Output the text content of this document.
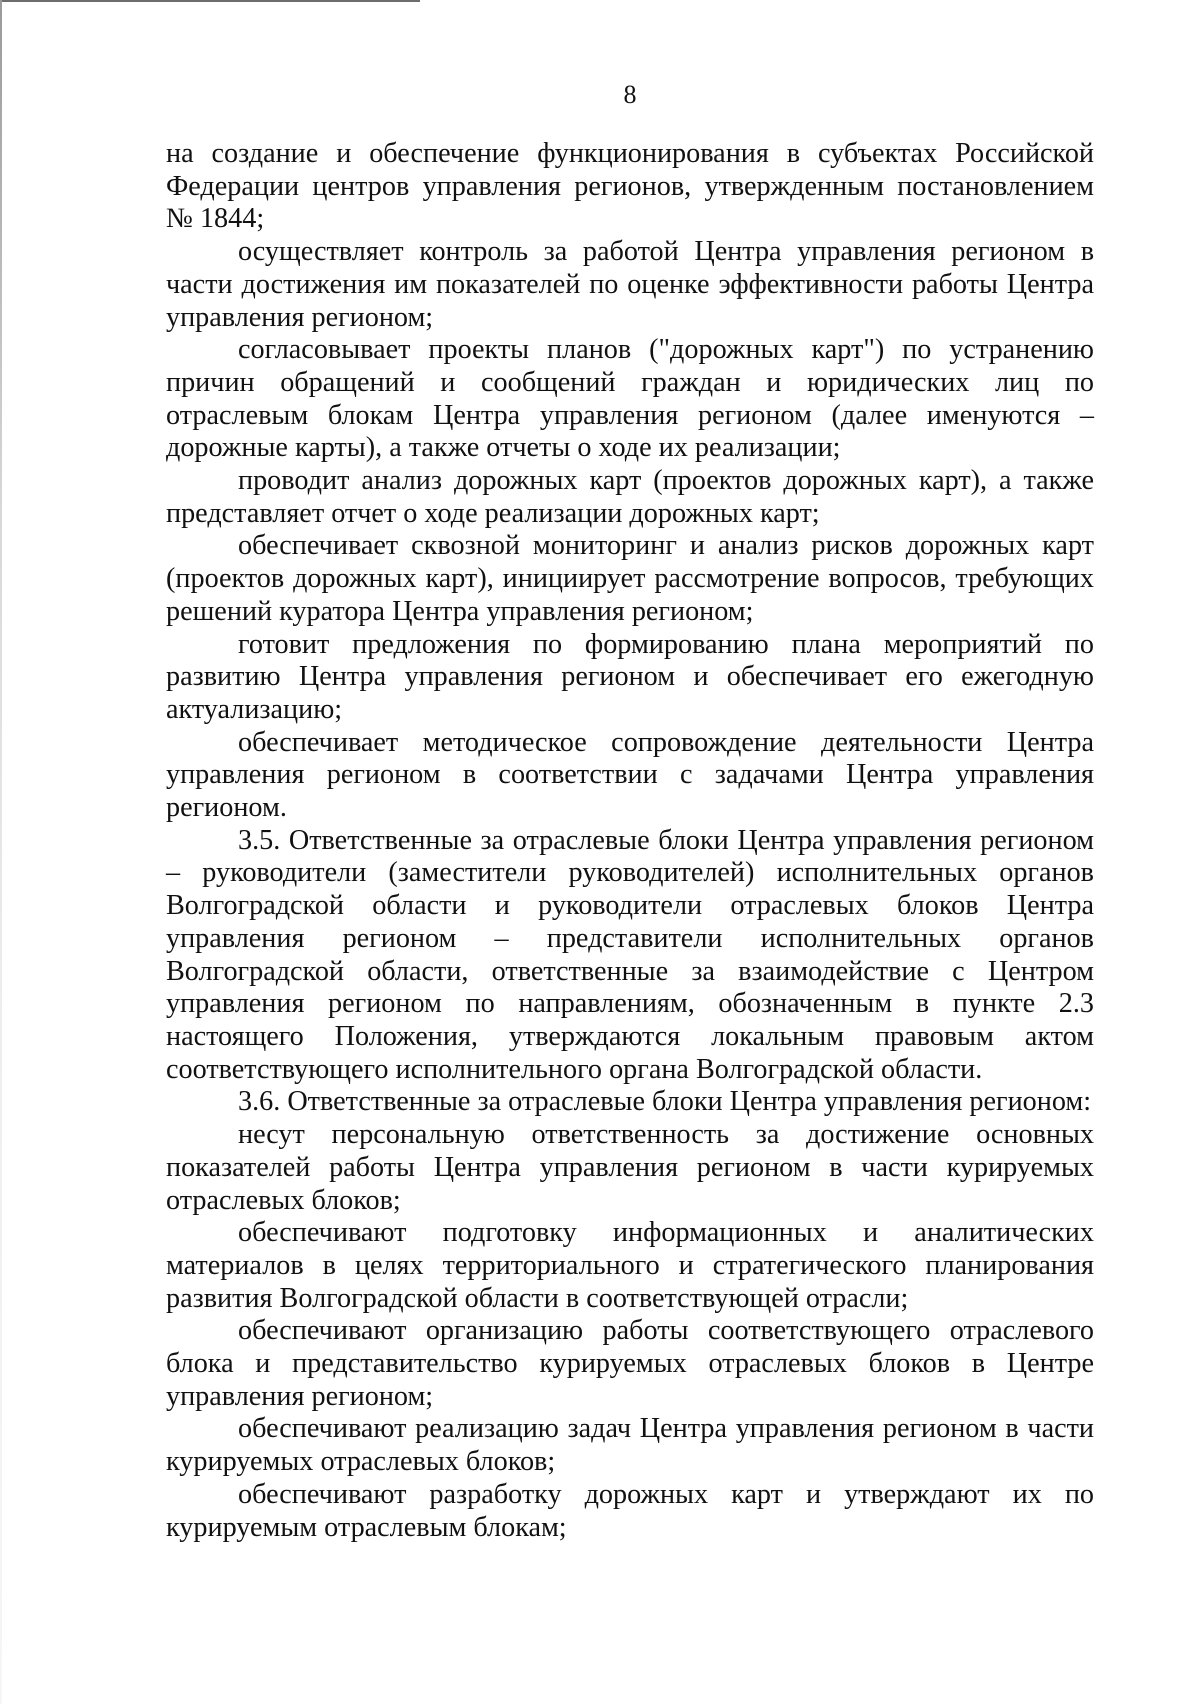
8

на создание и обеспечение функционирования в субъектах Российской Федерации центров управления регионов, утвержденным постановлением № 1844;

осуществляет контроль за работой Центра управления регионом в части достижения им показателей по оценке эффективности работы Центра управления регионом;

согласовывает проекты планов ("дорожных карт") по устранению причин обращений и сообщений граждан и юридических лиц по отраслевым блокам Центра управления регионом (далее именуются – дорожные карты), а также отчеты о ходе их реализации;

проводит анализ дорожных карт (проектов дорожных карт), а также представляет отчет о ходе реализации дорожных карт;

обеспечивает сквозной мониторинг и анализ рисков дорожных карт (проектов дорожных карт), инициирует рассмотрение вопросов, требующих решений куратора Центра управления регионом;

готовит предложения по формированию плана мероприятий по развитию Центра управления регионом и обеспечивает его ежегодную актуализацию;

обеспечивает методическое сопровождение деятельности Центра управления регионом в соответствии с задачами Центра управления регионом.

3.5. Ответственные за отраслевые блоки Центра управления регионом – руководители (заместители руководителей) исполнительных органов Волгоградской области и руководители отраслевых блоков Центра управления регионом – представители исполнительных органов Волгоградской области, ответственные за взаимодействие с Центром управления регионом по направлениям, обозначенным в пункте 2.3 настоящего Положения, утверждаются локальным правовым актом соответствующего исполнительного органа Волгоградской области.

3.6. Ответственные за отраслевые блоки Центра управления регионом:

несут персональную ответственность за достижение основных показателей работы Центра управления регионом в части курируемых отраслевых блоков;

обеспечивают подготовку информационных и аналитических материалов в целях территориального и стратегического планирования развития Волгоградской области в соответствующей отрасли;

обеспечивают организацию работы соответствующего отраслевого блока и представительство курируемых отраслевых блоков в Центре управления регионом;

обеспечивают реализацию задач Центра управления регионом в части курируемых отраслевых блоков;

обеспечивают разработку дорожных карт и утверждают их по курируемым отраслевым блокам;
